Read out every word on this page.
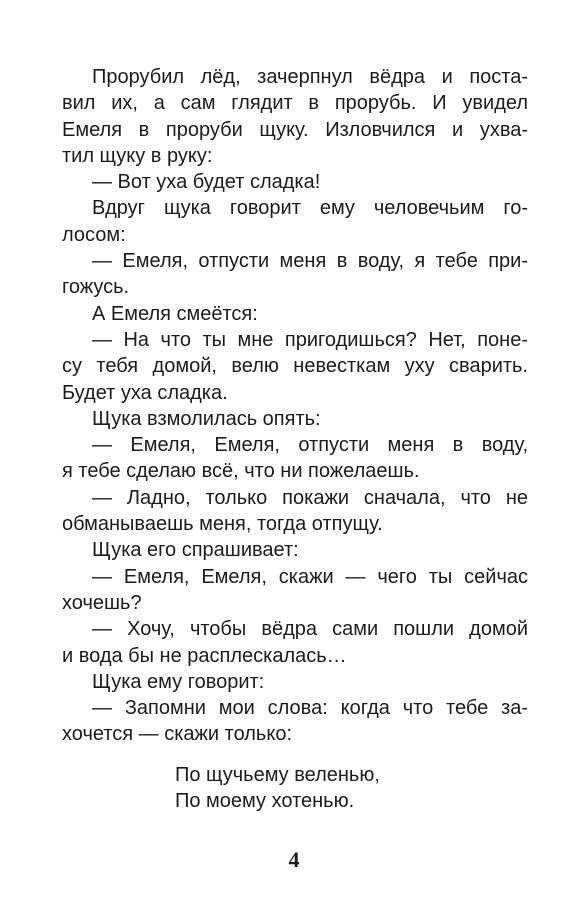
Прорубил лёд, зачерпнул вёдра и поста-
вил их, а сам глядит в прорубь. И увидел
Емеля в проруби щуку. Изловчился и ухва-
тил щуку в руку:
— Вот уха будет сладка!
Вдруг щука говорит ему человечьим го-
лосом:
— Емеля, отпусти меня в воду, я тебе при-
гожусь.
А Емеля смеётся:
— На что ты мне пригодишься? Нет, поне-
су тебя домой, велю невесткам уху сварить.
Будет уха сладка.
Щука взмолилась опять:
— Емеля, Емеля, отпусти меня в воду,
я тебе сделаю всё, что ни пожелаешь.
— Ладно, только покажи сначала, что не
обманываешь меня, тогда отпущу.
Щука его спрашивает:
— Емеля, Емеля, скажи — чего ты сейчас
хочешь?
— Хочу, чтобы вёдра сами пошли домой
и вода бы не расплескалась…
Щука ему говорит:
— Запомни мои слова: когда что тебе за-
хочется — скажи только:
По щучьему веленью,
По моему хотенью.
4
